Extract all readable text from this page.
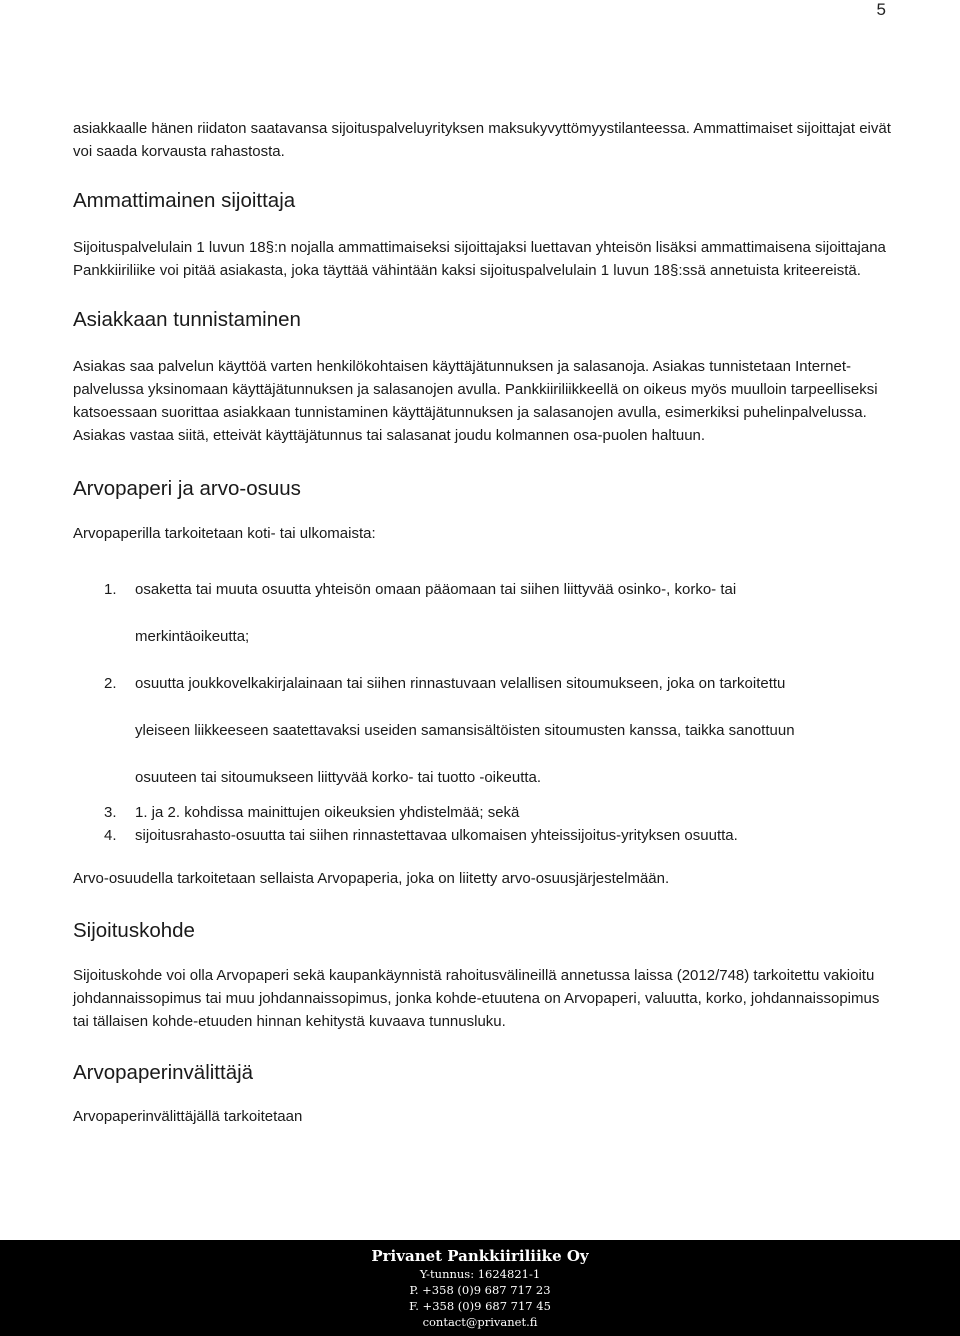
5

asiakkaalle hänen riidaton saatavansa sijoituspalveluyrityksen maksukyvyttömyystilanteessa. Ammattimaiset sijoittajat eivät voi saada korvausta rahastosta.

Ammattimainen sijoittaja

Sijoituspalvelulain 1 luvun 18§:n nojalla ammattimaiseksi sijoittajaksi luettavan yhteisön lisäksi ammattimaisena sijoittajana Pankkiiriliike voi pitää asiakasta, joka täyttää vähintään kaksi sijoituspalvelulain 1 luvun 18§:ssä annetuista kriteereistä.

Asiakkaan tunnistaminen

Asiakas saa palvelun käyttöä varten henkilökohtaisen käyttäjätunnuksen ja salasanoja. Asiakas tunnistetaan Internet-palvelussa yksinomaan käyttäjätunnuksen ja salasanojen avulla. Pankkiiriliikkeellä on oikeus myös muulloin tarpeelliseksi katsoessaan suorittaa asiakkaan tunnistaminen käyttäjätunnuksen ja salasanojen avulla, esimerkiksi puhelinpalvelussa. Asiakas vastaa siitä, etteivät käyttäjätunnus tai salasanat joudu kolmannen osa-puolen haltuun.

Arvopaperi ja arvo-osuus

Arvopaperilla tarkoitetaan koti- tai ulkomaista:

1. osaketta tai muuta osuutta yhteisön omaan pääomaan tai siihen liittyvää osinko-, korko- tai
merkintäoikeutta;
2. osuutta joukkovelkakirjalainaan tai siihen rinnastuvaan velallisen sitoumukseen, joka on tarkoitettu
yleiseen liikkeeseen saatettavaksi useiden samansisältöisten sitoumusten kanssa, taikka sanottuun
osuuteen tai sitoumukseen liittyvää korko- tai tuotto -oikeutta.
3. 1. ja 2. kohdissa mainittujen oikeuksien yhdistelmää; sekä
4. sijoitusrahasto-osuutta tai siihen rinnastettavaa ulkomaisen yhteissijoitus-yrityksen osuutta.

Arvo-osuudella tarkoitetaan sellaista Arvopaperia, joka on liitetty arvo-osuusjärjestelmään.

Sijoituskohde

Sijoituskohde voi olla Arvopaperi sekä kaupankäynnistä rahoitusvälineillä annetussa laissa (2012/748) tarkoitettu vakioitu johdannaissopimus tai muu johdannaissopimus, jonka kohde-etuutena on Arvopaperi, valuutta, korko, johdannaissopimus tai tällaisen kohde-etuuden hinnan kehitystä kuvaava tunnusluku.

Arvopaperinvälittäjä

Arvopaperinvälittäjällä tarkoitetaan

Privanet Pankkiiriliike Oy
Y-tunnus: 1624821-1
P. +358 (0)9 687 717 23
F. +358 (0)9 687 717 45
contact@privanet.fi
